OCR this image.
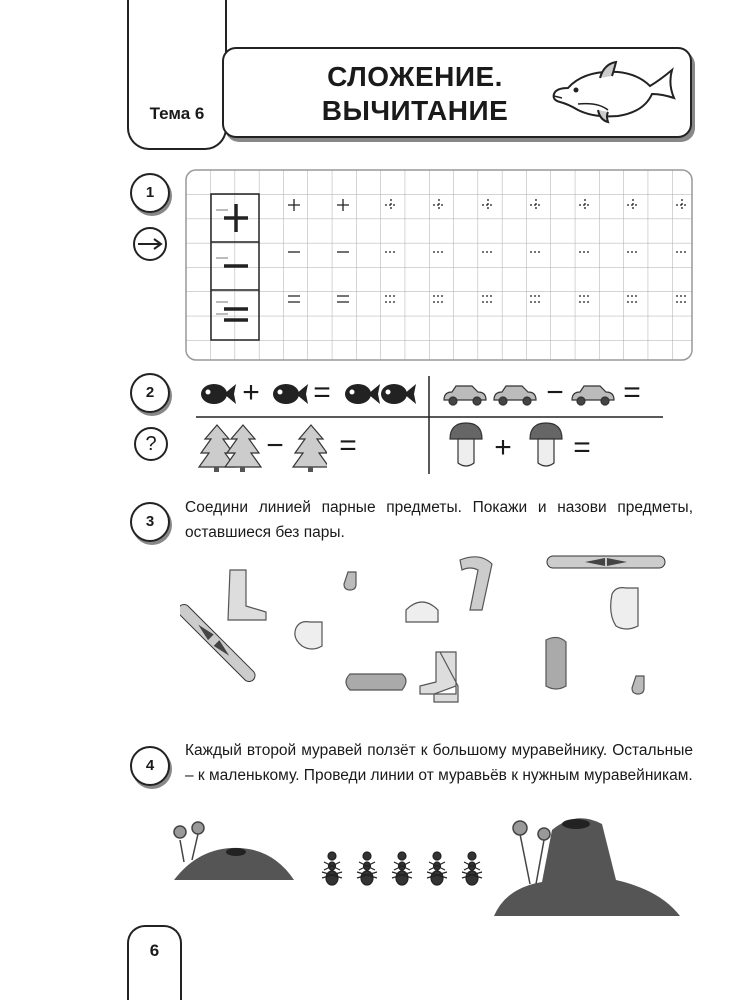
Тема 6
СЛОЖЕНИЕ.
ВЫЧИТАНИЕ
1
2
?
+ =	− =
− =	+ =
3
Соедини линией парные предметы. Покажи и назови предметы, оставшиеся без пары.
4
Каждый второй муравей ползёт к большому муравейнику. Остальные – к маленькому. Проведи линии от муравьёв к нужным муравейникам.
6
